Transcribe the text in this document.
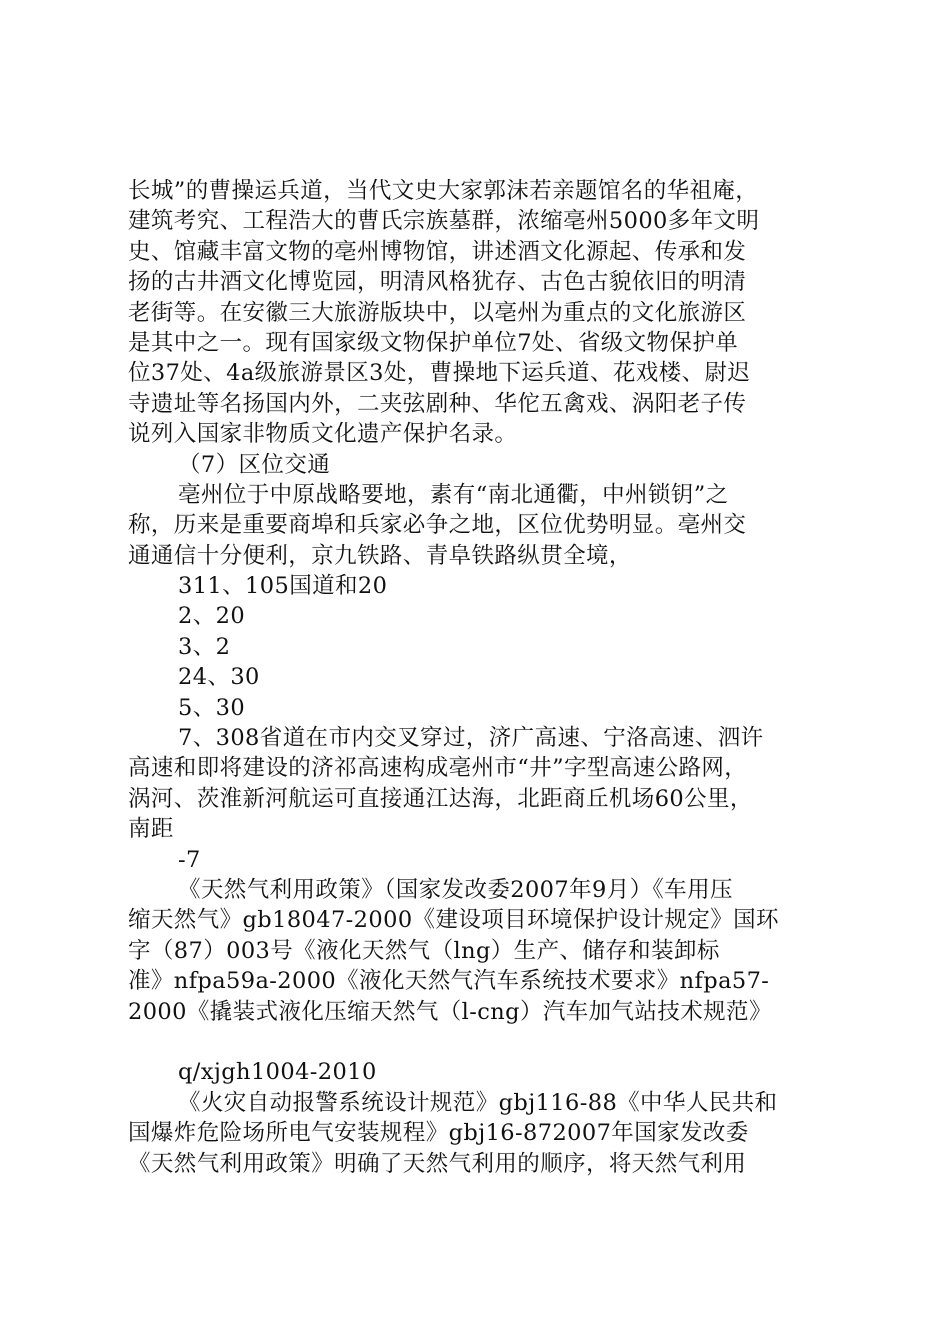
长城”的曹操运兵道，当代文史大家郭沫若亲题馆名的华祖庵，
建筑考究、工程浩大的曹氏宗族墓群，浓缩亳州5000多年文明
史、馆藏丰富文物的亳州博物馆，讲述酒文化源起、传承和发
扬的古井酒文化博览园，明清风格犹存、古色古貌依旧的明清
老街等。在安徽三大旅游版块中，以亳州为重点的文化旅游区
是其中之一。现有国家级文物保护单位7处、省级文物保护单
位37处、4a级旅游景区3处，曹操地下运兵道、花戏楼、尉迟
寺遗址等名扬国内外，二夹弦剧种、华佗五禽戏、涡阳老子传
说列入国家非物质文化遗产保护名录。
（7）区位交通
亳州位于中原战略要地，素有“南北通衢，中州锁钥”之
称，历来是重要商埠和兵家必争之地，区位优势明显。亳州交
通通信十分便利，京九铁路、青阜铁路纵贯全境，
311、105国道和20
2、20
3、2
24、30
5、30
7、308省道在市内交叉穿过，济广高速、宁洛高速、泗许
高速和即将建设的济祁高速构成亳州市“井”字型高速公路网，
涡河、茨淮新河航运可直接通江达海，北距商丘机场60公里，
南距
-7
《天然气利用政策》（国家发改委2007年9月）《车用压
缩天然气》gb18047-2000《建设项目环境保护设计规定》国环
字（87）003号《液化天然气（lng）生产、储存和装卸标
准》nfpa59a-2000《液化天然气汽车系统技术要求》nfpa57-
2000《撬装式液化压缩天然气（l-cng）汽车加气站技术规范》
q/xjgh1004-2010
《火灾自动报警系统设计规范》gbj116-88《中华人民共和
国爆炸危险场所电气安装规程》gbj16-872007年国家发改委
《天然气利用政策》明确了天然气利用的顺序，将天然气利用
